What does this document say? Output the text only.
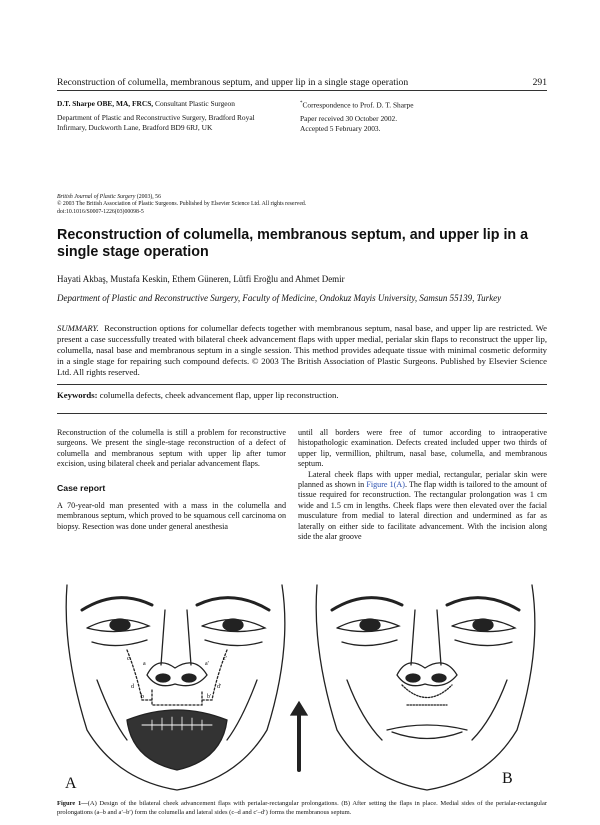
Reconstruction of columella, membranous septum, and upper lip in a single stage operation	291

D.T. Sharpe OBE, MA, FRCS, Consultant Plastic Surgeon

Department of Plastic and Reconstructive Surgery, Bradford Royal Infirmary, Duckworth Lane, Bradford BD9 6RJ, UK

*Correspondence to Prof. D. T. Sharpe

Paper received 30 October 2002.

Accepted 5 February 2003.

British Journal of Plastic Surgery (2003), 56

© 2003 The British Association of Plastic Surgeons. Published by Elsevier Science Ltd. All rights reserved.

doi:10.1016/S0007-1226(03)00098-5

Reconstruction of columella, membranous septum, and upper lip in a single stage operation
Hayati Akbaş, Mustafa Keskin, Ethem Güneren, Lütfi Eroğlu and Ahmet Demir
Department of Plastic and Reconstructive Surgery, Faculty of Medicine, Ondokuz Mayis University, Samsun 55139, Turkey
SUMMARY. Reconstruction options for columellar defects together with membranous septum, nasal base, and upper lip are restricted. We present a case successfully treated with bilateral cheek advancement flaps with upper medial, perialar skin flaps to reconstruct the upper lip, columella, nasal base and membranous septum in a single session. This method provides adequate tissue with minimal cosmetic deformity in a single stage for repairing such compound defects. © 2003 The British Association of Plastic Surgeons. Published by Elsevier Science Ltd. All rights reserved.
Keywords: columella defects, cheek advancement flap, upper lip reconstruction.

Reconstruction of the columella is still a problem for reconstructive surgeons. We present the single-stage reconstruction of a defect of columella and membranous septum with upper lip after tumor excision, using bilateral cheek and perialar advancement flaps.

Case report

A 70-year-old man presented with a mass in the columella and membranous septum, which proved to be squamous cell carcinoma on biopsy. Resection was done under general anesthesia

until all borders were free of tumor according to intraoperative histopathologic examination. Defects created included upper two thirds of upper lip, vermillion, philtrum, nasal base, columella, and membranous septum.

Lateral cheek flaps with upper medial, rectangular, perialar skin were planned as shown in Figure 1(A). The flap width is tailored to the amount of tissue required for reconstruction. The rectangular prolongation was 1 cm wide and 1.5 cm in lengths. Cheek flaps were then elevated over the facial musculature from medial to lateral direction and undermined as far as laterally on either side to facilitate advancement. With the incision along side the alar groove

A	B
a
b
c
d
a'
b'
c'
d'
Figure 1—(A) Design of the bilateral cheek advancement flaps with perialar-rectangular prolongations. (B) After setting the flaps in place. Medial sides of the perialar-rectangular prolongations (a–b and a′–b′) form the columella and lateral sides (c–d and c′–d′) forms the membranous septum.
